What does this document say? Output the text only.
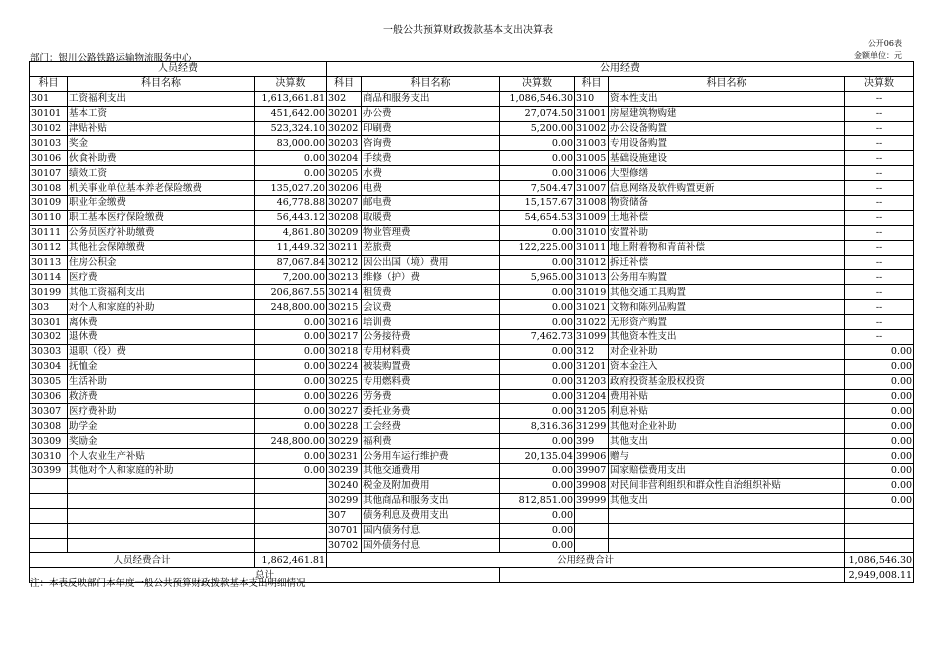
一般公共预算财政拨款基本支出决算表
公开06表
部门：银川公路铁路运输物流服务中心	金额单位：元
人员经费			公用经费					
科目	科目名称	决算数	科目	科目名称	决算数	科目	科目名称	决算数
301	工资福利支出	1,613,661.81	302	商品和服务支出	1,086,546.30	310	资本性支出	--
30101	基本工资	451,642.00	30201	办公费	27,074.50	31001	房屋建筑物购建	--
30102	津贴补贴	523,324.10	30202	印刷费	5,200.00	31002	办公设备购置	--
30103	奖金	83,000.00	30203	咨询费	0.00	31003	专用设备购置	--
30106	伙食补助费	0.00	30204	手续费	0.00	31005	基础设施建设	--
30107	绩效工资	0.00	30205	水费	0.00	31006	大型修缮	--
30108	机关事业单位基本养老保险缴费	135,027.20	30206	电费	7,504.47	31007	信息网络及软件购置更新	--
30109	职业年金缴费	46,778.88	30207	邮电费	15,157.67	31008	物资储备	--
30110	职工基本医疗保险缴费	56,443.12	30208	取暖费	54,654.53	31009	土地补偿	--
30111	公务员医疗补助缴费	4,861.80	30209	物业管理费	0.00	31010	安置补助	--
30112	其他社会保障缴费	11,449.32	30211	差旅费	122,225.00	31011	地上附着物和青苗补偿	--
30113	住房公积金	87,067.84	30212	因公出国（境）费用	0.00	31012	拆迁补偿	--
30114	医疗费	7,200.00	30213	维修（护）费	5,965.00	31013	公务用车购置	--
30199	其他工资福利支出	206,867.55	30214	租赁费	0.00	31019	其他交通工具购置	--
303	对个人和家庭的补助	248,800.00	30215	会议费	0.00	31021	文物和陈列品购置	--
30301	离休费	0.00	30216	培训费	0.00	31022	无形资产购置	--
30302	退休费	0.00	30217	公务接待费	7,462.73	31099	其他资本性支出	--
30303	退职（役）费	0.00	30218	专用材料费	0.00	312	对企业补助	0.00
30304	抚恤金	0.00	30224	被装购置费	0.00	31201	资本金注入	0.00
30305	生活补助	0.00	30225	专用燃料费	0.00	31203	政府投资基金股权投资	0.00
30306	救济费	0.00	30226	劳务费	0.00	31204	费用补贴	0.00
30307	医疗费补助	0.00	30227	委托业务费	0.00	31205	利息补贴	0.00
30308	助学金	0.00	30228	工会经费	8,316.36	31299	其他对企业补助	0.00
30309	奖励金	248,800.00	30229	福利费	0.00	399	其他支出	0.00
30310	个人农业生产补贴	0.00	30231	公务用车运行维护费	20,135.04	39906	赠与	0.00
30399	其他对个人和家庭的补助	0.00	30239	其他交通费用	0.00	39907	国家赔偿费用支出	0.00
			30240	税金及附加费用	0.00	39908	对民间非营利组织和群众性自治组织补贴	0.00
			30299	其他商品和服务支出	812,851.00	39999	其他支出	0.00
			307	债务利息及费用支出	0.00			
			30701	国内债务付息	0.00			
			30702	国外债务付息	0.00			
人员经费合计		1,862,461.81	公用经费合计					1,086,546.30
总计								2,949,008.11
注：本表反映部门本年度一般公共预算财政拨款基本支出明细情况
